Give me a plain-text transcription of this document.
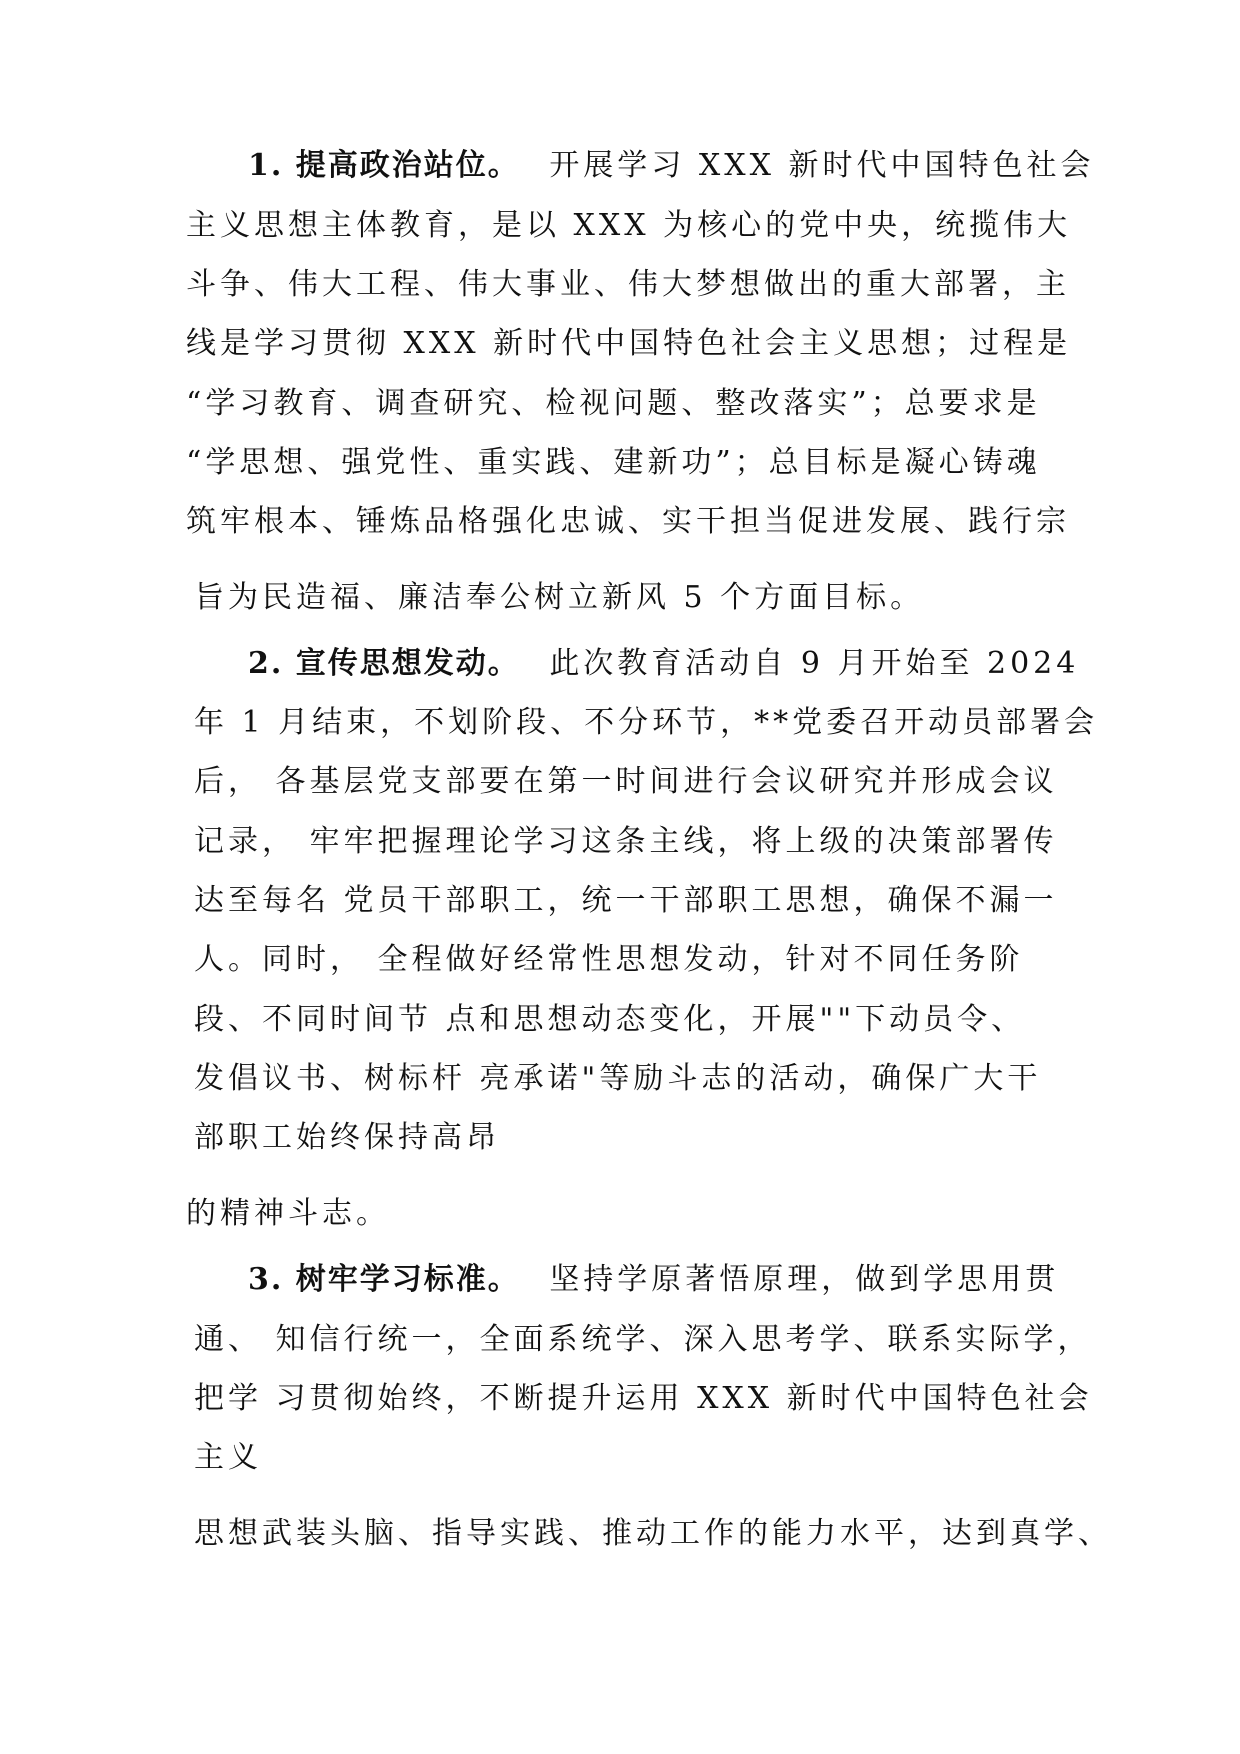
1. 提高政治站位。 开展学习 XXX 新时代中国特色社会
主义思想主体教育，是以 XXX 为核心的党中央，统揽伟大
斗争、伟大工程、伟大事业、伟大梦想做出的重大部署，主
线是学习贯彻 XXX 新时代中国特色社会主义思想；过程是
“学习教育、调查研究、检视问题、整改落实”；总要求是
“学思想、强党性、重实践、建新功”；总目标是凝心铸魂
筑牢根本、锤炼品格强化忠诚、实干担当促进发展、践行宗
旨为民造福、廉洁奉公树立新风 5 个方面目标。
2. 宣传思想发动。 此次教育活动自 9 月开始至 2024
年 1 月结束，不划阶段、不分环节，**党委召开动员部署会
后， 各基层党支部要在第一时间进行会议研究并形成会议
记录， 牢牢把握理论学习这条主线，将上级的决策部署传
达至每名 党员干部职工，统一干部职工思想，确保不漏一
人。同时， 全程做好经常性思想发动，针对不同任务阶
段、不同时间节 点和思想动态变化，开展""下动员令、
发倡议书、树标杆 亮承诺"等励斗志的活动，确保广大干
部职工始终保持高昂
的精神斗志。
3. 树牢学习标准。 坚持学原著悟原理，做到学思用贯
通、 知信行统一，全面系统学、深入思考学、联系实际学，
把学 习贯彻始终，不断提升运用 XXX 新时代中国特色社会
主义
思想武装头脑、指导实践、推动工作的能力水平，达到真学、
